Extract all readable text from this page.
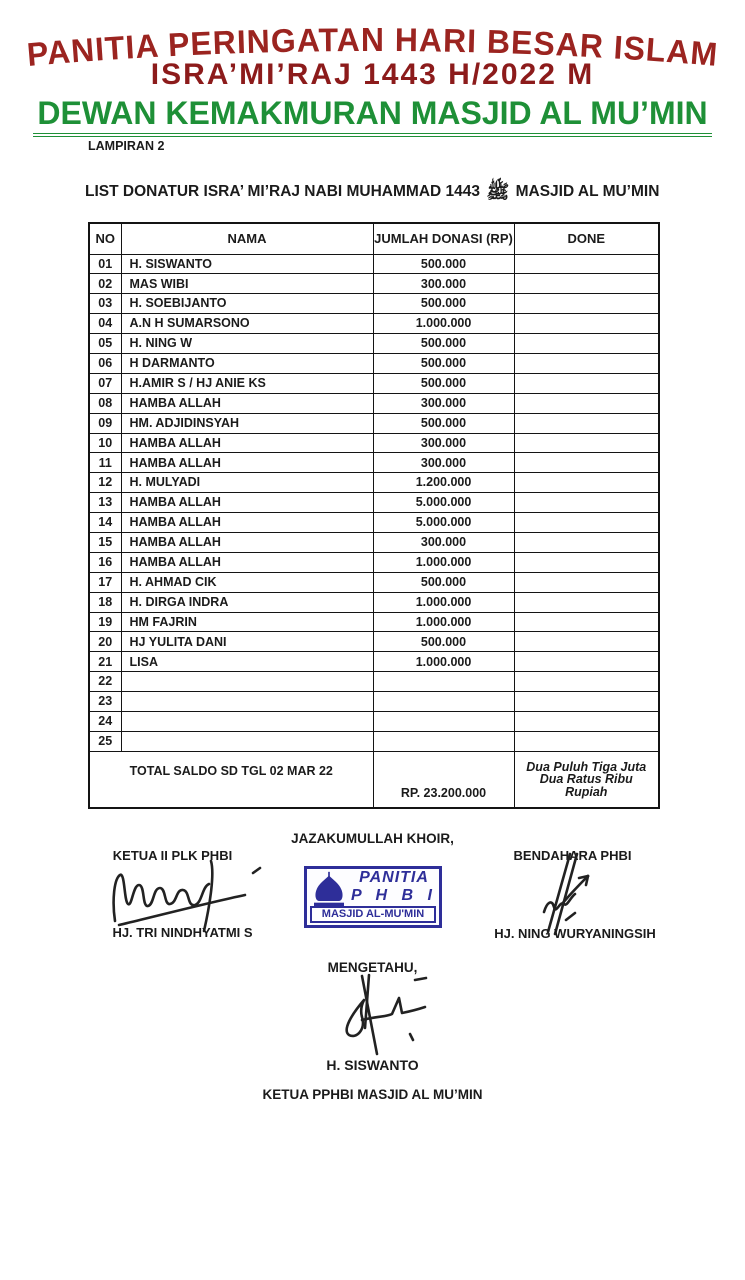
PANITIA PERINGATAN HARI BESAR ISLAM
ISRA’MI’RAJ 1443 H/2022 M
DEWAN KEMAKMURAN MASJID AL MU’MIN
LAMPIRAN 2
LIST DONATUR ISRA’ MI’RAJ NABI MUHAMMAD ﷺ 1443 MASJID AL MU’MIN
NO	NAMA	JUMLAH DONASI (RP)	DONE
01	H. SISWANTO	500.000	
02	MAS WIBI	300.000	
03	H. SOEBIJANTO	500.000	
04	A.N H SUMARSONO	1.000.000	
05	H. NING W	500.000	
06	H DARMANTO	500.000	
07	H.AMIR S / HJ ANIE KS	500.000	
08	HAMBA ALLAH	300.000	
09	HM. ADJIDINSYAH	500.000	
10	HAMBA ALLAH	300.000	
11	HAMBA ALLAH	300.000	
12	H. MULYADI	1.200.000	
13	HAMBA ALLAH	5.000.000	
14	HAMBA ALLAH	5.000.000	
15	HAMBA ALLAH	300.000	
16	HAMBA ALLAH	1.000.000	
17	H. AHMAD CIK	500.000	
18	H. DIRGA INDRA	1.000.000	
19	HM FAJRIN	1.000.000	
20	HJ YULITA DANI	500.000	
21	LISA	1.000.000	
22			
23			
24			
25			
TOTAL SALDO SD TGL 02 MAR 22		RP. 23.200.000	Dua Puluh Tiga Juta Dua Ratus Ribu Rupiah
JAZAKUMULLAH KHOIR,
KETUA II PLK PHBI	BENDAHARA PHBI
PANITIA
P H B I
MASJID AL-MU'MIN
HJ. TRI NINDHYATMI S	HJ. NING WURYANINGSIH
MENGETAHU,
H. SISWANTO
KETUA PPHBI MASJID AL MU’MIN
